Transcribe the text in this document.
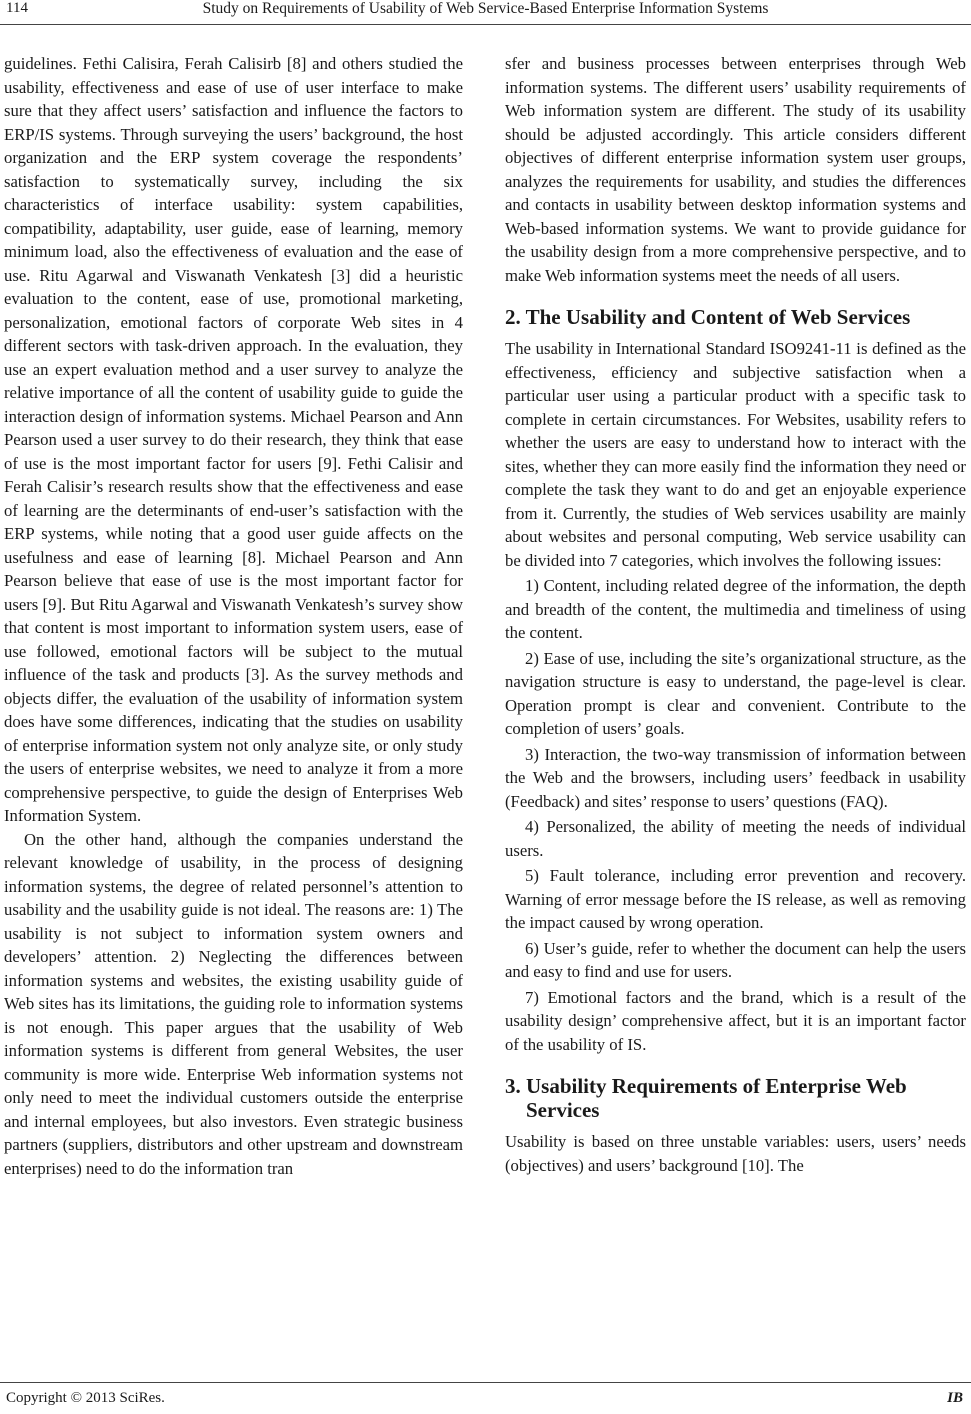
114	Study on Requirements of Usability of Web Service-Based Enterprise Information Systems

guidelines. Fethi Calisira, Ferah Calisirb [8] and others studied the usability, effectiveness and ease of use of user interface to make sure that they affect users’ satisfaction and influence the factors to ERP/IS systems. Through surveying the users’ background, the host organization and the ERP system coverage the respondents’ satisfaction to systematically survey, including the six characteristics of interface usability: system capabilities, compatibility, adaptability, user guide, ease of learning, memory minimum load, also the effectiveness of evaluation and the ease of use. Ritu Agarwal and Viswanath Venkatesh [3] did a heuristic evaluation to the content, ease of use, promotional marketing, personalization, emotional factors of corporate Web sites in 4 different sectors with task-driven approach. In the evaluation, they use an expert evaluation method and a user survey to analyze the relative importance of all the content of usability guide to guide the interaction design of information systems. Michael Pearson and Ann Pearson used a user survey to do their research, they think that ease of use is the most important factor for users [9]. Fethi Calisir and Ferah Calisir’s research results show that the effectiveness and ease of learning are the determinants of end-user’s satisfaction with the ERP systems, while noting that a good user guide affects on the usefulness and ease of learning [8]. Michael Pearson and Ann Pearson believe that ease of use is the most important factor for users [9]. But Ritu Agarwal and Viswanath Venkatesh’s survey show that content is most important to information system users, ease of use followed, emotional factors will be subject to the mutual influence of the task and products [3]. As the survey methods and objects differ, the evaluation of the usability of information system does have some differences, indicating that the studies on usability of enterprise information system not only analyze site, or only study the users of enterprise websites, we need to analyze it from a more comprehensive perspective, to guide the design of Enterprises Web Information System.

On the other hand, although the companies understand the relevant knowledge of usability, in the process of designing information systems, the degree of related personnel’s attention to usability and the usability guide is not ideal. The reasons are: 1) The usability is not subject to information system owners and developers’ attention. 2) Neglecting the differences between information systems and websites, the existing usability guide of Web sites has its limitations, the guiding role to information systems is not enough. This paper argues that the usability of Web information systems is different from general Websites, the user community is more wide. Enterprise Web information systems not only need to meet the individual customers outside the enterprise and internal employees, but also investors. Even strategic business partners (suppliers, distributors and other upstream and downstream enterprises) need to do the information tran

sfer and business processes between enterprises through Web information systems. The different users’ usability requirements of Web information system are different. The study of its usability should be adjusted accordingly. This article considers different objectives of different enterprise information system user groups, analyzes the requirements for usability, and studies the differences and contacts in usability between desktop information systems and Web-based information systems. We want to provide guidance for the usability design from a more comprehensive perspective, and to make Web information systems meet the needs of all users.

2. The Usability and Content of Web Services

The usability in International Standard ISO9241-11 is defined as the effectiveness, efficiency and subjective satisfaction when a particular user using a particular product with a specific task to complete in certain circumstances. For Websites, usability refers to whether the users are easy to understand how to interact with the sites, whether they can more easily find the information they need or complete the task they want to do and get an enjoyable experience from it. Currently, the studies of Web services usability are mainly about websites and personal computing, Web service usability can be divided into 7 categories, which involves the following issues:

1) Content, including related degree of the information, the depth and breadth of the content, the multimedia and timeliness of using the content.

2) Ease of use, including the site’s organizational structure, as the navigation structure is easy to understand, the page-level is clear. Operation prompt is clear and convenient. Contribute to the completion of users’ goals.

3) Interaction, the two-way transmission of information between the Web and the browsers, including users’ feedback in usability (Feedback) and sites’ response to users’ questions (FAQ).

4) Personalized, the ability of meeting the needs of individual users.

5) Fault tolerance, including error prevention and recovery. Warning of error message before the IS release, as well as removing the impact caused by wrong operation.

6) User’s guide, refer to whether the document can help the users and easy to find and use for users.

7) Emotional factors and the brand, which is a result of the usability design’ comprehensive affect, but it is an important factor of the usability of IS.

3. Usability Requirements of Enterprise Web Services

Usability is based on three unstable variables: users, users’ needs (objectives) and users’ background [10]. The

Copyright © 2013 SciRes.	IB
